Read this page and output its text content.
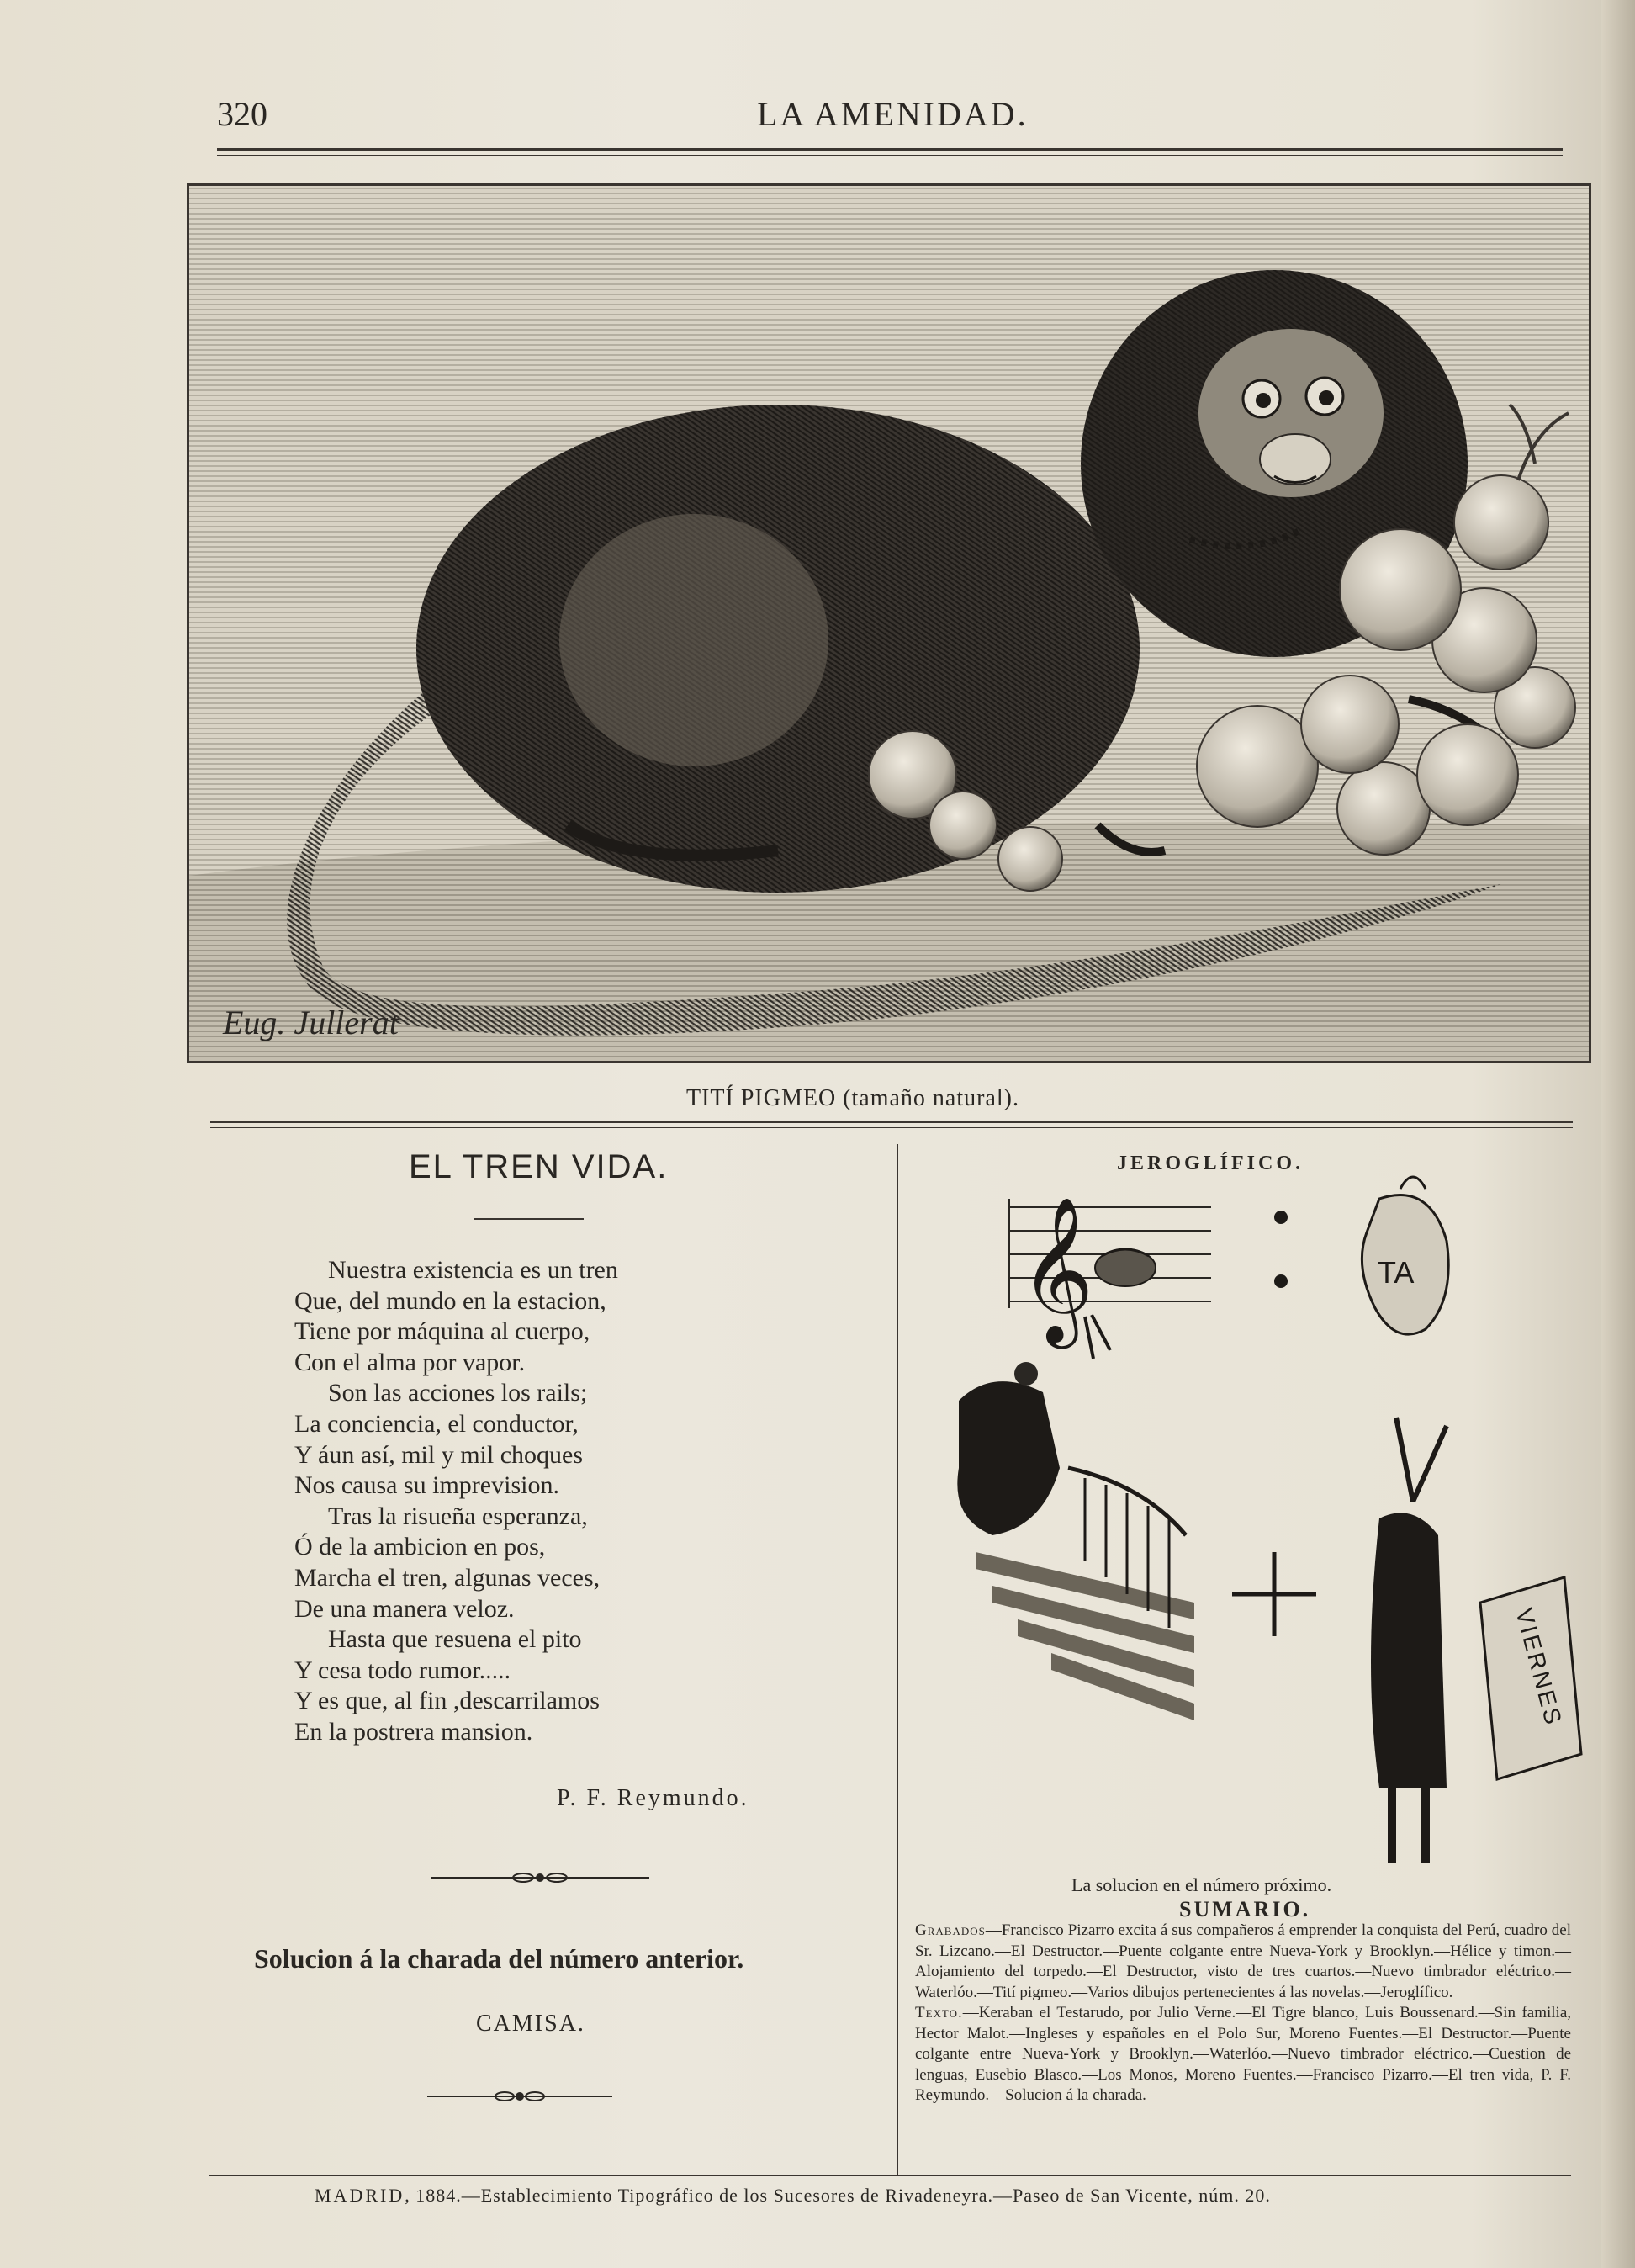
320	LA AMENIDAD.
Eug. Jullerat
TITÍ PIGMEO (tamaño natural).
EL TREN VIDA.
Nuestra existencia es un tren
Que, del mundo en la estacion,
Tiene por máquina al cuerpo,
Con el alma por vapor.
Son las acciones los rails;
La conciencia, el conductor,
Y áun así, mil y mil choques
Nos causa su imprevision.
Tras la risueña esperanza,
Ó de la ambicion en pos,
Marcha el tren, algunas veces,
De una manera veloz.
Hasta que resuena el pito
Y cesa todo rumor.....
Y es que, al fin ,descarrilamos
En la postrera mansion.
P. F. Reymundo.
Solucion á la charada del número anterior.
CAMISA.
JEROGLÍFICO.
𝄞	TA
VIERNES
La solucion en el número próximo.
SUMARIO.
Grabados—Francisco Pizarro excita á sus compañeros á emprender la conquista del Perú, cuadro del Sr. Lizcano.—El Destructor.—Puente colgante entre Nueva-York y Brooklyn.—Hélice y timon.—Alojamiento del torpedo.—El Destructor, visto de tres cuartos.—Nuevo timbrador eléctrico.—Waterlóo.—Tití pigmeo.—Varios dibujos pertenecientes á las novelas.—Jeroglífico.
Texto.—Keraban el Testarudo, por Julio Verne.—El Tigre blanco, Luis Boussenard.—Sin familia, Hector Malot.—Ingleses y españoles en el Polo Sur, Moreno Fuentes.—El Destructor.—Puente colgante entre Nueva-York y Brooklyn.—Waterlóo.—Nuevo timbrador eléctrico.—Cuestion de lenguas, Eusebio Blasco.—Los Monos, Moreno Fuentes.—Francisco Pizarro.—El tren vida, P. F. Reymundo.—Solucion á la charada.
MADRID, 1884.—Establecimiento Tipográfico de los Sucesores de Rivadeneyra.—Paseo de San Vicente, núm. 20.
